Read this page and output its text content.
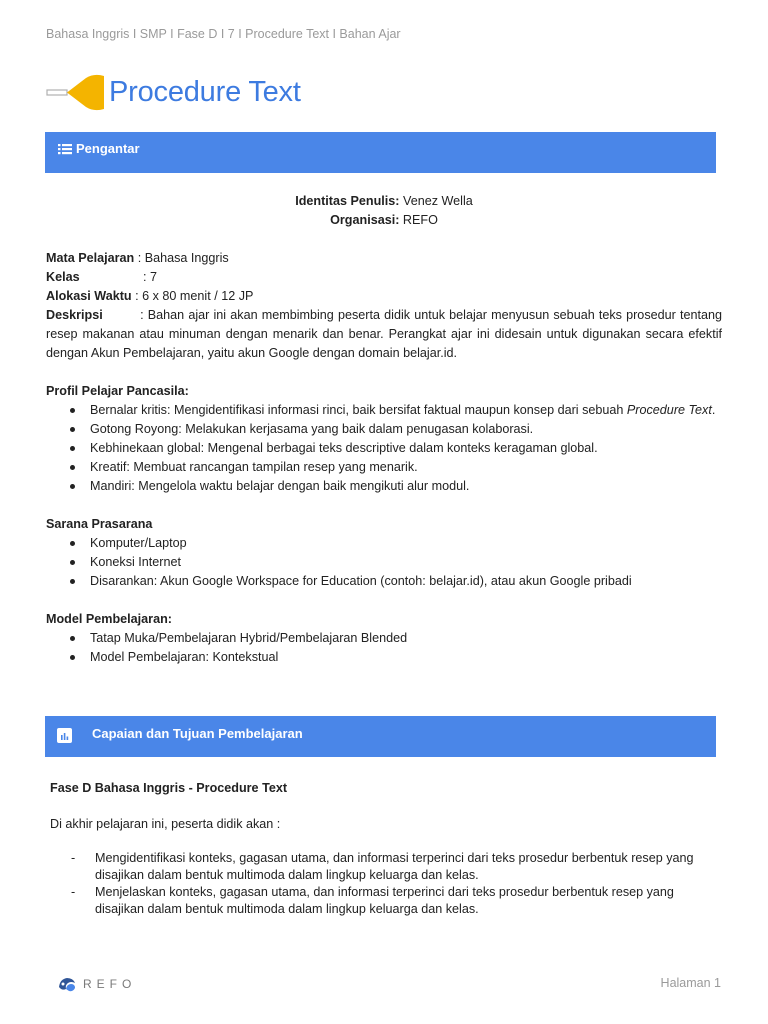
Bahasa Inggris I SMP I Fase D I 7 I Procedure Text I Bahan Ajar
Procedure Text
Pengantar

Identitas Penulis: Venez Wella

Organisasi: REFO

Mata Pelajaran : Bahasa Inggris

Kelas	: 7

Alokasi Waktu : 6 x 80 menit / 12 JP

Deskripsi         : Bahan ajar ini akan membimbing peserta didik untuk belajar menyusun sebuah teks prosedur tentang resep makanan atau minuman dengan menarik dan benar. Perangkat ajar ini didesain untuk digunakan secara efektif dengan Akun Pembelajaran, yaitu akun Google dengan domain belajar.id.

Profil Pelajar Pancasila:

Bernalar kritis: Mengidentifikasi informasi rinci, baik bersifat faktual maupun konsep dari sebuah Procedure Text.
Gotong Royong: Melakukan kerjasama yang baik dalam penugasan kolaborasi.
Kebhinekaan global: Mengenal berbagai teks descriptive dalam konteks keragaman global.
Kreatif: Membuat rancangan tampilan resep yang menarik.
Mandiri: Mengelola waktu belajar dengan baik mengikuti alur modul.

Sarana Prasarana

Komputer/Laptop
Koneksi Internet
Disarankan: Akun Google Workspace for Education (contoh: belajar.id), atau akun Google pribadi

Model Pembelajaran:

Tatap Muka/Pembelajaran Hybrid/Pembelajaran Blended
Model Pembelajaran: Kontekstual
Capaian dan Tujuan Pembelajaran

Fase D Bahasa Inggris - Procedure Text

Di akhir pelajaran ini, peserta didik akan :

- Mengidentifikasi konteks, gagasan utama, dan informasi terperinci dari teks prosedur berbentuk resep yang disajikan dalam bentuk multimoda dalam lingkup keluarga dan kelas.
- Menjelaskan konteks, gagasan utama, dan informasi terperinci dari teks prosedur berbentuk resep yang disajikan dalam bentuk multimoda dalam lingkup keluarga dan kelas.
REFO	Halaman 1
